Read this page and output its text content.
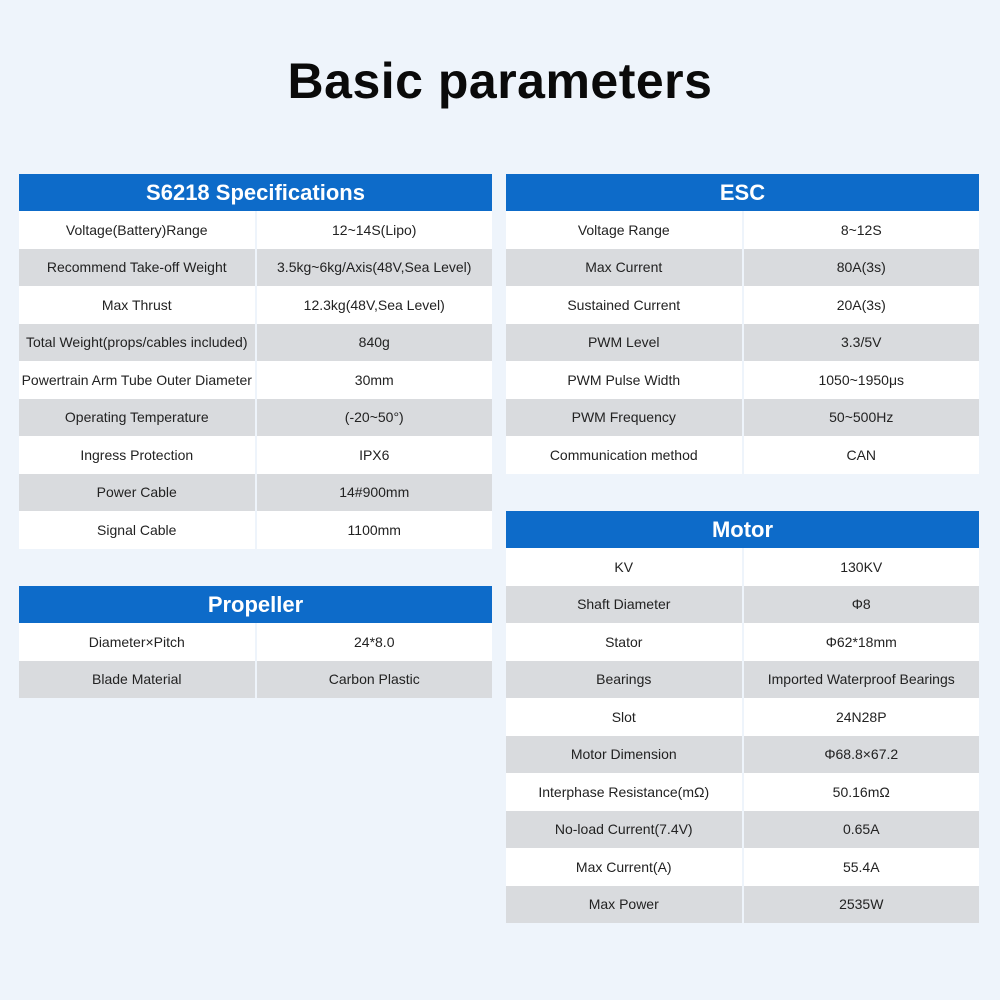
Basic parameters
S6218 Specifications
Voltage(Battery)Range	12~14S(Lipo)
Recommend Take-off Weight	3.5kg~6kg/Axis(48V,Sea Level)
Max Thrust	12.3kg(48V,Sea Level)
Total Weight(props/cables included)	840g
Powertrain Arm Tube Outer Diameter	30mm
Operating Temperature	(-20~50°)
Ingress Protection	IPX6
Power Cable	14#900mm
Signal Cable	1100mm
Propeller
Diameter×Pitch	24*8.0
Blade Material	Carbon Plastic
ESC
Voltage Range	8~12S
Max Current	80A(3s)
Sustained Current	20A(3s)
PWM Level	3.3/5V
PWM Pulse Width	1050~1950μs
PWM Frequency	50~500Hz
Communication method	CAN
Motor
KV	130KV
Shaft Diameter	Φ8
Stator	Φ62*18mm
Bearings	Imported Waterproof Bearings
Slot	24N28P
Motor Dimension	Φ68.8×67.2
Interphase Resistance(mΩ)	50.16mΩ
No-load Current(7.4V)	0.65A
Max Current(A)	55.4A
Max Power	2535W
